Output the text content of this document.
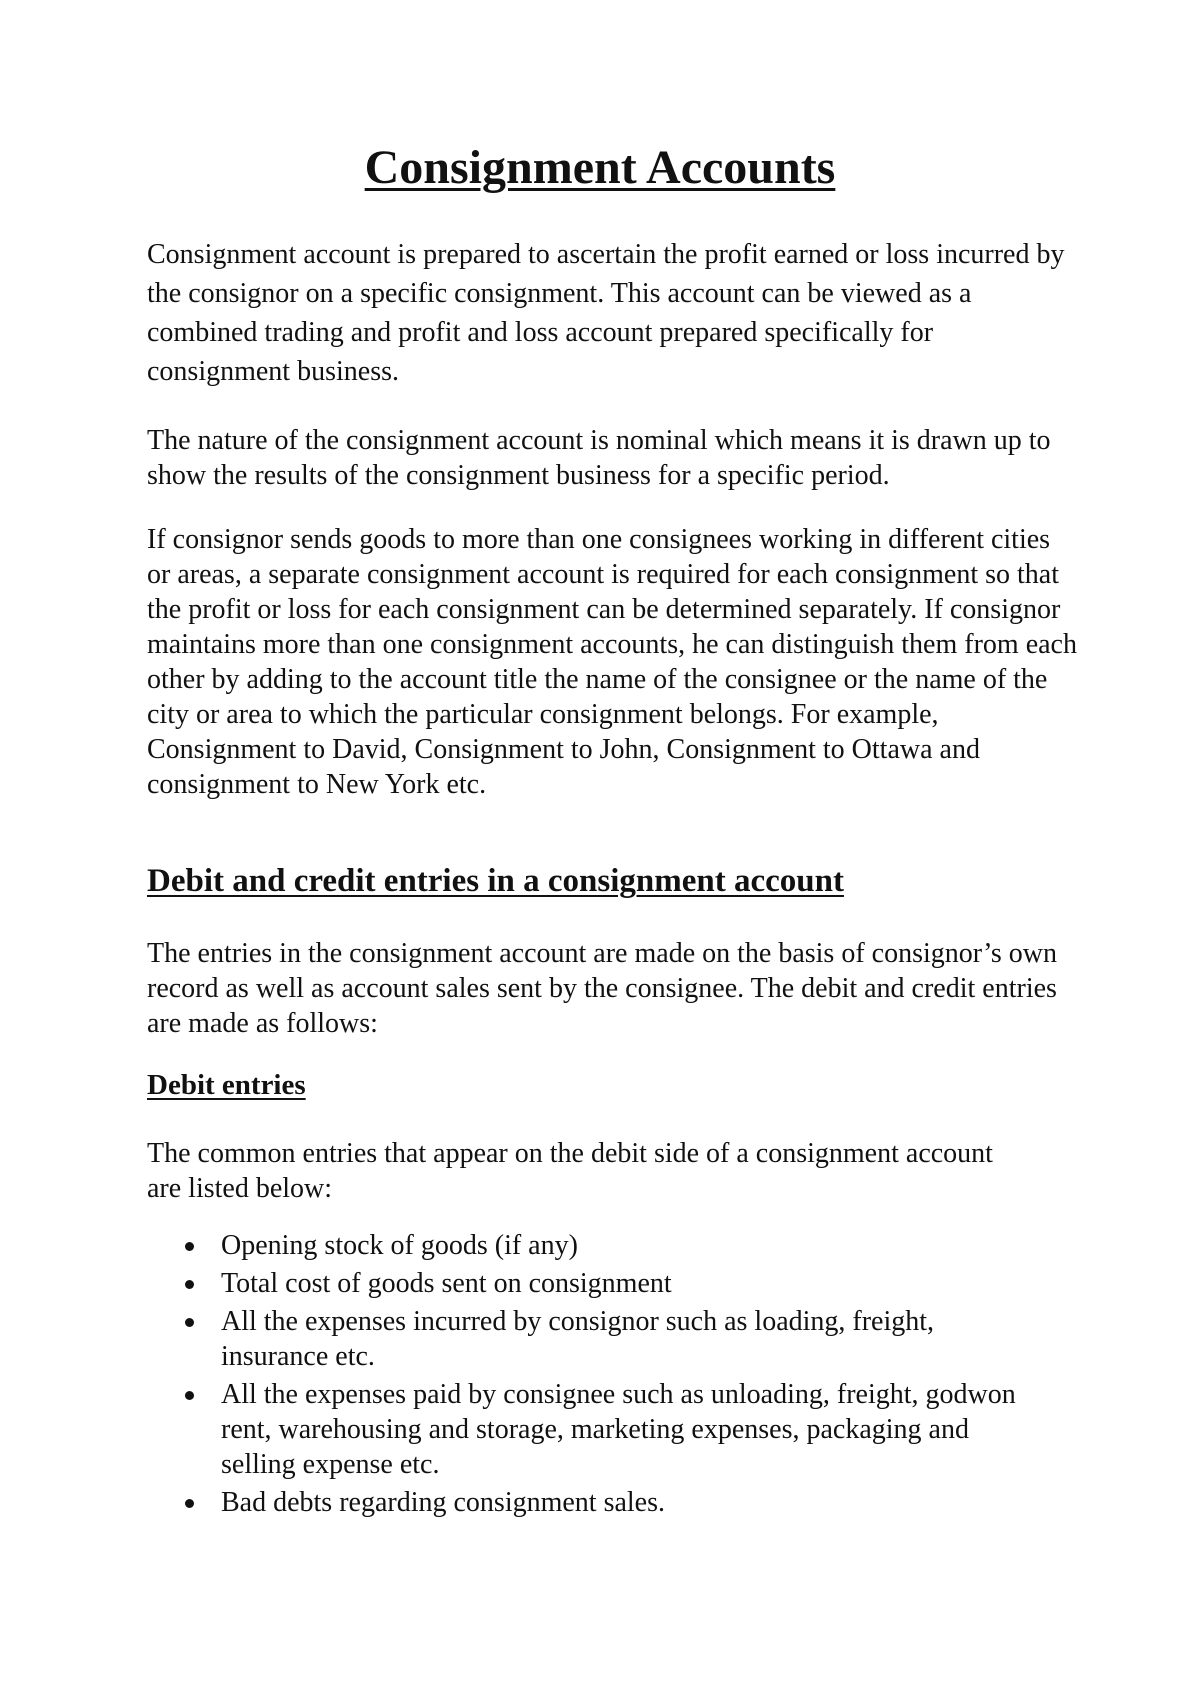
Consignment Accounts

Consignment account is prepared to ascertain the profit earned or loss incurred by the consignor on a specific consignment. This account can be viewed as a combined trading and profit and loss account prepared specifically for consignment business.

The nature of the consignment account is nominal which means it is drawn up to show the results of the consignment business for a specific period.

If consignor sends goods to more than one consignees working in different cities or areas, a separate consignment account is required for each consignment so that the profit or loss for each consignment can be determined separately. If consignor maintains more than one consignment accounts, he can distinguish them from each other by adding to the account title the name of the consignee or the name of the city or area to which the particular consignment belongs. For example, Consignment to David, Consignment to John, Consignment to Ottawa and consignment to New York etc.

Debit and credit entries in a consignment account

The entries in the consignment account are made on the basis of consignor’s own record as well as account sales sent by the consignee. The debit and credit entries are made as follows:

Debit entries

The common entries that appear on the debit side of a consignment account are listed below:

Opening stock of goods (if any)
Total cost of goods sent on consignment
All the expenses incurred by consignor such as loading, freight, insurance etc.
All the expenses paid by consignee such as unloading, freight, godwon rent, warehousing and storage, marketing expenses, packaging and selling expense etc.
Bad debts regarding consignment sales.
